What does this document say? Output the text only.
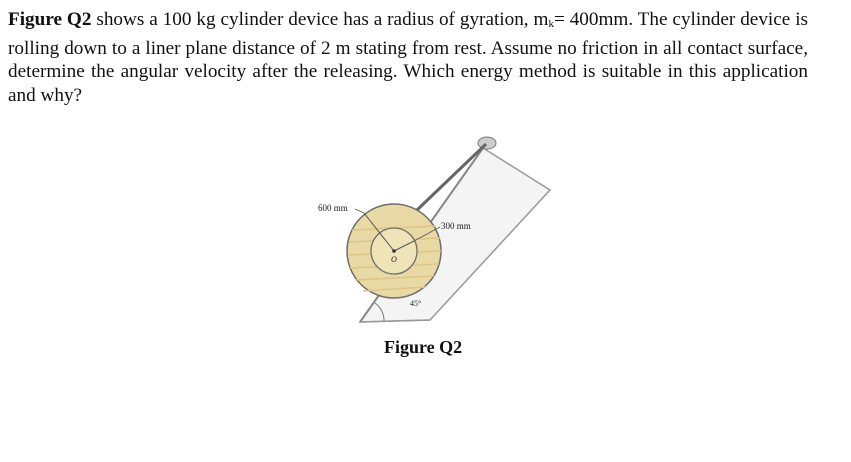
Figure Q2 shows a 100 kg cylinder device has a radius of gyration, $m_k= 400mm$. The cylinder device is rolling down to a liner plane distance of 2 m stating from rest. Assume no friction in all contact surface, determine the angular velocity after the releasing. Which energy method is suitable in this application and why?

600 mm
300 mm
O
45°
Figure Q2
